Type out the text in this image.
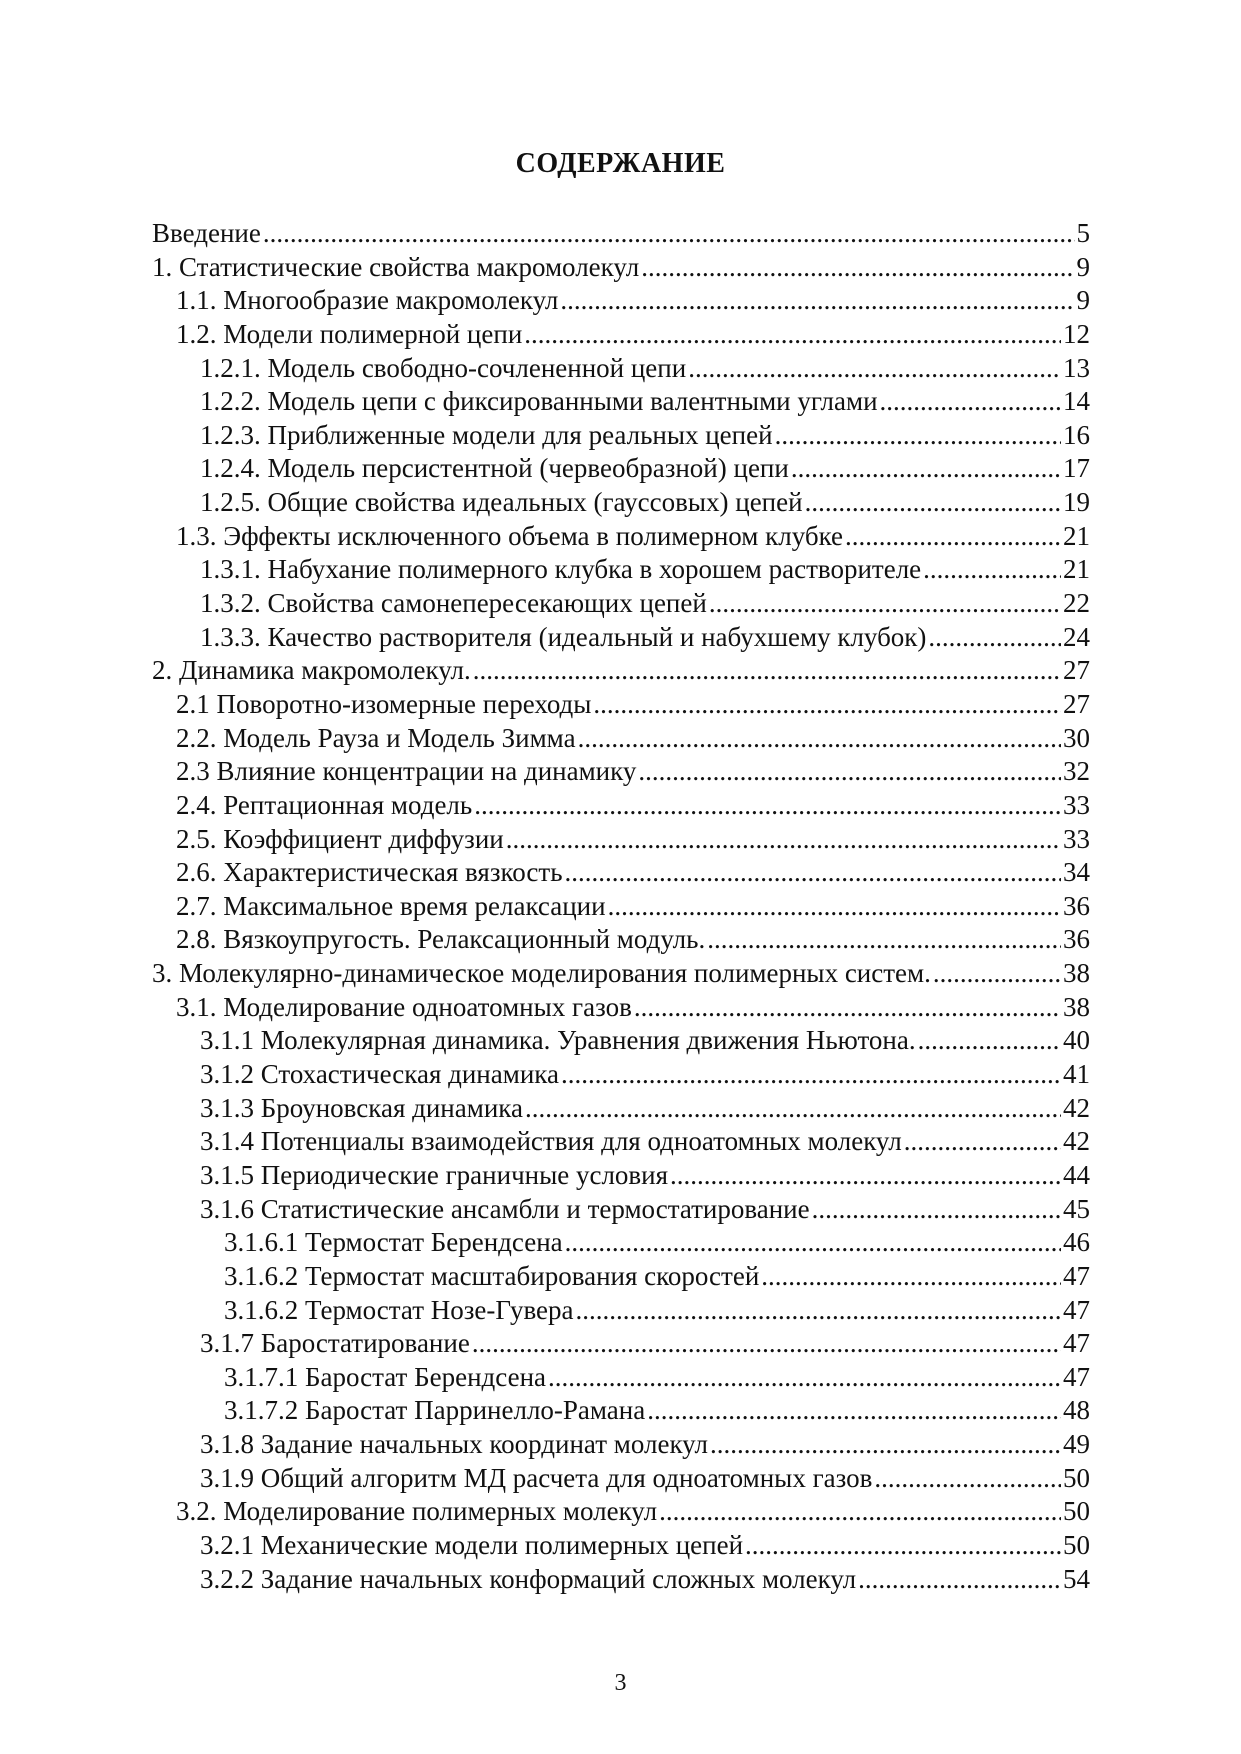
СОДЕРЖАНИЕ
Введение .....	5
1. Статистические свойства макромолекул .....	9
1.1. Многообразие макромолекул .....	9
1.2. Модели полимерной цепи .....	12
1.2.1. Модель свободно-сочлененной цепи .....	13
1.2.2. Модель цепи с фиксированными валентными углами .....	14
1.2.3. Приближенные модели для реальных цепей .....	16
1.2.4. Модель персистентной (червеобразной) цепи .....	17
1.2.5. Общие свойства идеальных (гауссовых) цепей .....	19
1.3. Эффекты исключенного объема в полимерном клубке .....	21
1.3.1. Набухание полимерного клубка в хорошем растворителе .....	21
1.3.2. Свойства самонепересекающих цепей .....	22
1.3.3. Качество растворителя (идеальный и набухшему клубок) .....	24
2. Динамика макромолекул. .....	27
2.1 Поворотно-изомерные переходы .....	27
2.2. Модель Рауза и Модель Зимма .....	30
2.3 Влияние концентрации на динамику .....	32
2.4. Рептационная модель .....	33
2.5. Коэффициент диффузии .....	33
2.6. Характеристическая вязкость .....	34
2.7. Максимальное время релаксации .....	36
2.8. Вязкоупругость. Релаксационный модуль. .....	36
3. Молекулярно-динамическое моделирования полимерных систем. .....	38
3.1. Моделирование одноатомных газов .....	38
3.1.1 Молекулярная динамика. Уравнения движения Ньютона. .....	40
3.1.2 Стохастическая динамика .....	41
3.1.3 Броуновская динамика .....	42
3.1.4 Потенциалы взаимодействия для одноатомных молекул .....	42
3.1.5 Периодические граничные условия .....	44
3.1.6 Статистические ансамбли и термостатирование .....	45
3.1.6.1 Термостат Берендсена .....	46
3.1.6.2 Термостат масштабирования скоростей .....	47
3.1.6.2 Термостат Нозе-Гувера .....	47
3.1.7 Баростатирование .....	47
3.1.7.1 Баростат Берендсена .....	47
3.1.7.2 Баростат Парринелло-Рамана .....	48
3.1.8 Задание начальных координат молекул .....	49
3.1.9 Общий алгоритм МД расчета для одноатомных газов .....	50
3.2. Моделирование полимерных молекул .....	50
3.2.1 Механические модели полимерных цепей .....	50
3.2.2 Задание начальных конформаций сложных молекул .....	54
3
